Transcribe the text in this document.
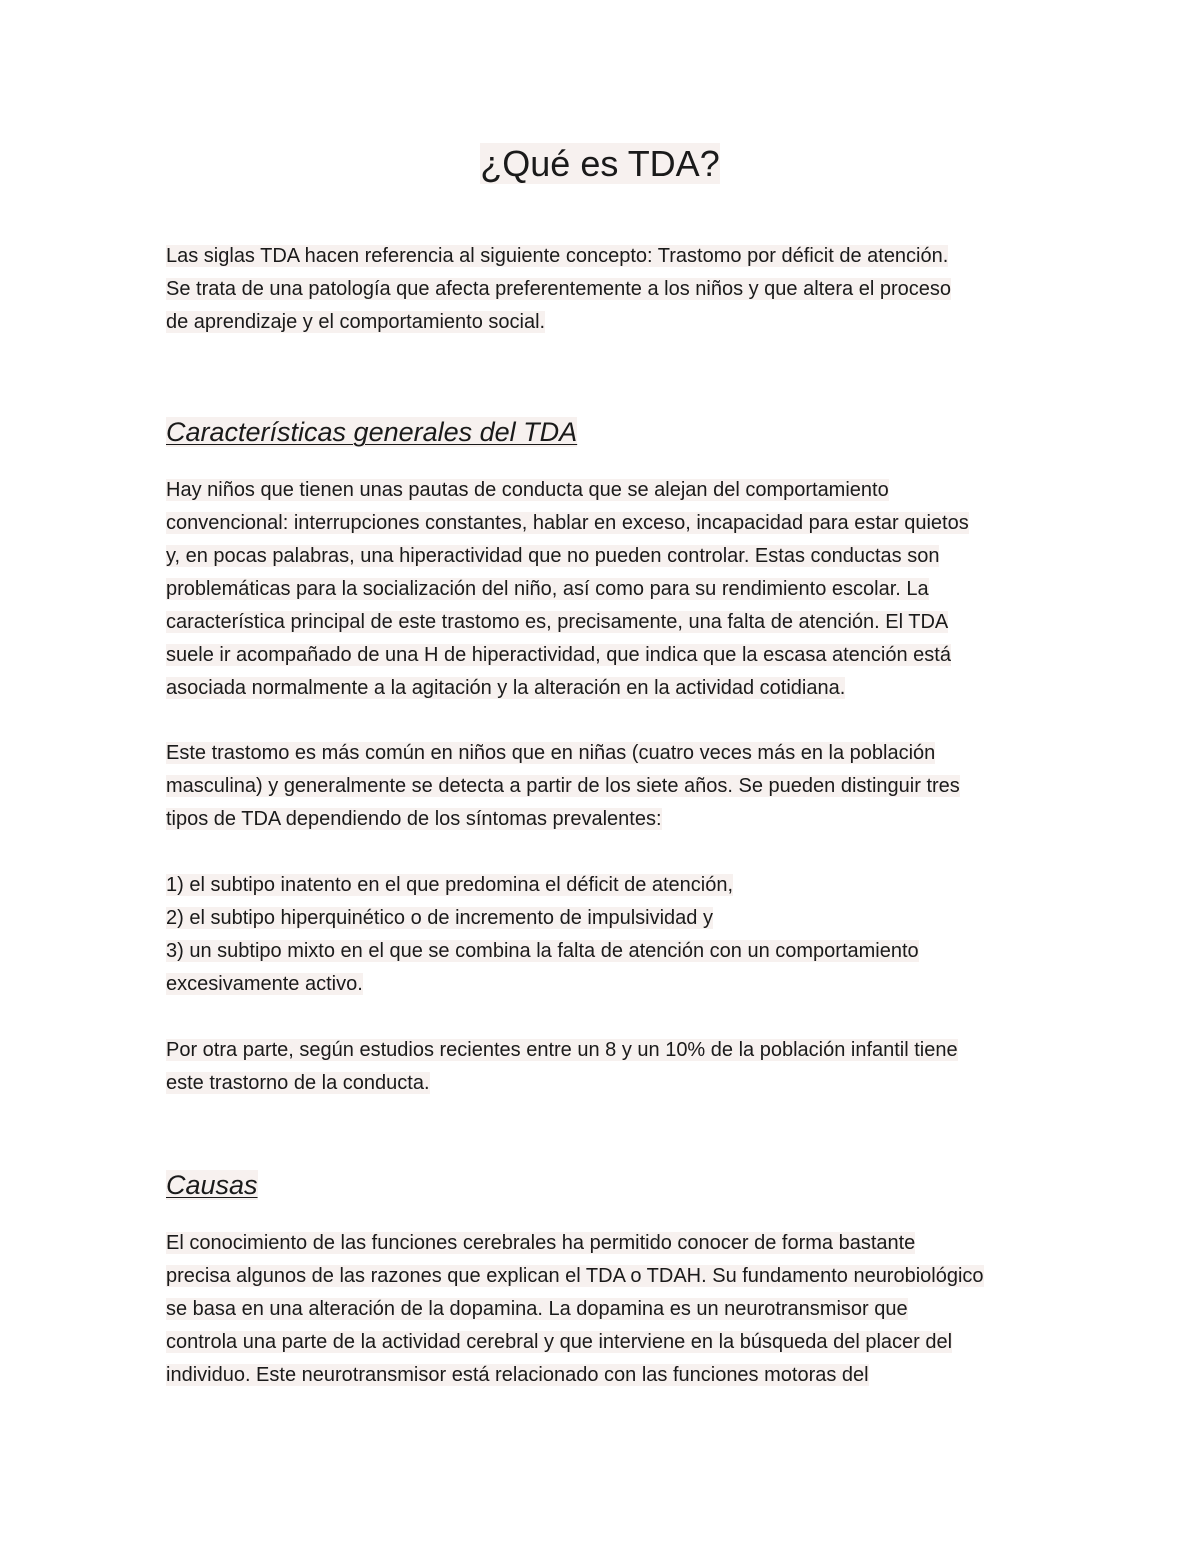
¿Qué es TDA?
Las siglas TDA hacen referencia al siguiente concepto: Trastomo por déficit de atención.
Se trata de una patología que afecta preferentemente a los niños y que altera el proceso
de aprendizaje y el comportamiento social.
Características generales del TDA
Hay niños que tienen unas pautas de conducta que se alejan del comportamiento
convencional: interrupciones constantes, hablar en exceso, incapacidad para estar quietos
y, en pocas palabras, una hiperactividad que no pueden controlar. Estas conductas son
problemáticas para la socialización del niño, así como para su rendimiento escolar. La
característica principal de este trastomo es, precisamente, una falta de atención. El TDA
suele ir acompañado de una H de hiperactividad, que indica que la escasa atención está
asociada normalmente a la agitación y la alteración en la actividad cotidiana.
Este trastomo es más común en niños que en niñas (cuatro veces más en la población
masculina) y generalmente se detecta a partir de los siete años. Se pueden distinguir tres
tipos de TDA dependiendo de los síntomas prevalentes:
1) el subtipo inatento en el que predomina el déficit de atención,
2) el subtipo hiperquinético o de incremento de impulsividad y
3) un subtipo mixto en el que se combina la falta de atención con un comportamiento
excesivamente activo.
Por otra parte, según estudios recientes entre un 8 y un 10% de la población infantil tiene
este trastorno de la conducta.
Causas
El conocimiento de las funciones cerebrales ha permitido conocer de forma bastante
precisa algunos de las razones que explican el TDA o TDAH. Su fundamento neurobiológico
se basa en una alteración de la dopamina. La dopamina es un neurotransmisor que
controla una parte de la actividad cerebral y que interviene en la búsqueda del placer del
individuo. Este neurotransmisor está relacionado con las funciones motoras del
